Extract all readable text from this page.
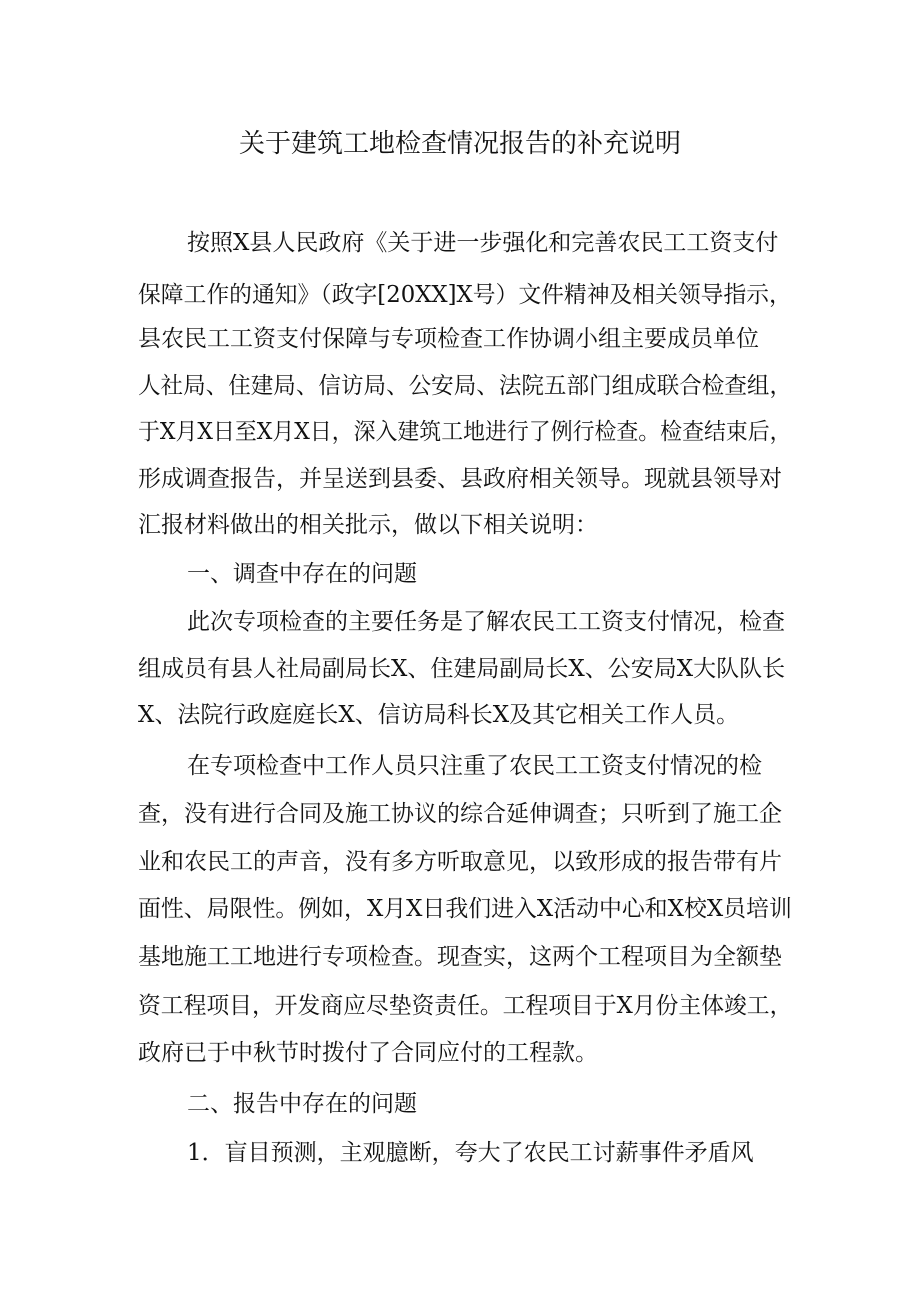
关于建筑工地检查情况报告的补充说明

按照X县人民政府《关于进一步强化和完善农民工工资支付

保障工作的通知》（政字[20XX]X号）文件精神及相关领导指示，

县农民工工资支付保障与专项检查工作协调小组主要成员单位

人社局、住建局、信访局、公安局、法院五部门组成联合检查组，

于X月X日至X月X日，深入建筑工地进行了例行检查。检查结束后，

形成调查报告，并呈送到县委、县政府相关领导。现就县领导对

汇报材料做出的相关批示，做以下相关说明：

一、调查中存在的问题

此次专项检查的主要任务是了解农民工工资支付情况，检查

组成员有县人社局副局长X、住建局副局长X、公安局X大队队长

X、法院行政庭庭长X、信访局科长X及其它相关工作人员。

在专项检查中工作人员只注重了农民工工资支付情况的检

查，没有进行合同及施工协议的综合延伸调查；只听到了施工企

业和农民工的声音，没有多方听取意见，以致形成的报告带有片

面性、局限性。例如，X月X日我们进入X活动中心和X校X员培训

基地施工工地进行专项检查。现查实，这两个工程项目为全额垫

资工程项目，开发商应尽垫资责任。工程项目于X月份主体竣工，

政府已于中秋节时拨付了合同应付的工程款。

二、报告中存在的问题

1．盲目预测，主观臆断，夸大了农民工讨薪事件矛盾风
